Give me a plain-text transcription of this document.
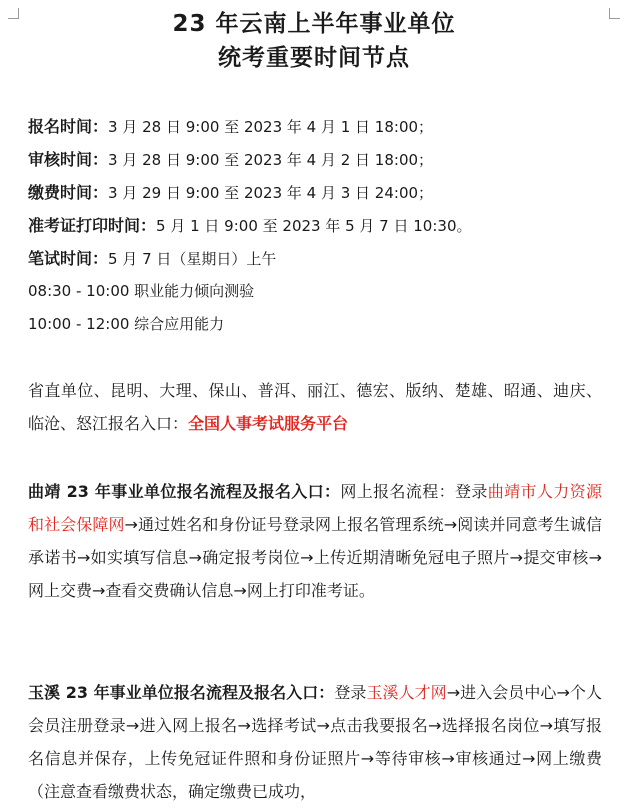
23 年云南上半年事业单位
统考重要时间节点
报名时间：3 月 28 日 9:00 至 2023 年 4 月 1 日 18:00；
审核时间：3 月 28 日 9:00 至 2023 年 4 月 2 日 18:00；
缴费时间：3 月 29 日 9:00 至 2023 年 4 月 3 日 24:00；
准考证打印时间：5 月 1 日 9:00 至 2023 年 5 月 7 日 10:30。
笔试时间：5 月 7 日（星期日）上午
08:30 - 10:00 职业能力倾向测验
10:00 - 12:00 综合应用能力
省直单位、昆明、大理、保山、普洱、丽江、德宏、版纳、楚雄、昭通、迪庆、临沧、怒江报名入口：全国人事考试服务平台
曲靖 23 年事业单位报名流程及报名入口：网上报名流程：登录曲靖市人力资源和社会保障网→通过姓名和身份证号登录网上报名管理系统→阅读并同意考生诚信承诺书→如实填写信息→确定报考岗位→上传近期清晰免冠电子照片→提交审核→网上交费→查看交费确认信息→网上打印准考证。
玉溪 23 年事业单位报名流程及报名入口：登录玉溪人才网→进入会员中心→个人会员注册登录→进入网上报名→选择考试→点击我要报名→选择报名岗位→填写报名信息并保存，上传免冠证件照和身份证照片→等待审核→审核通过→网上缴费（注意查看缴费状态，确定缴费已成功，
